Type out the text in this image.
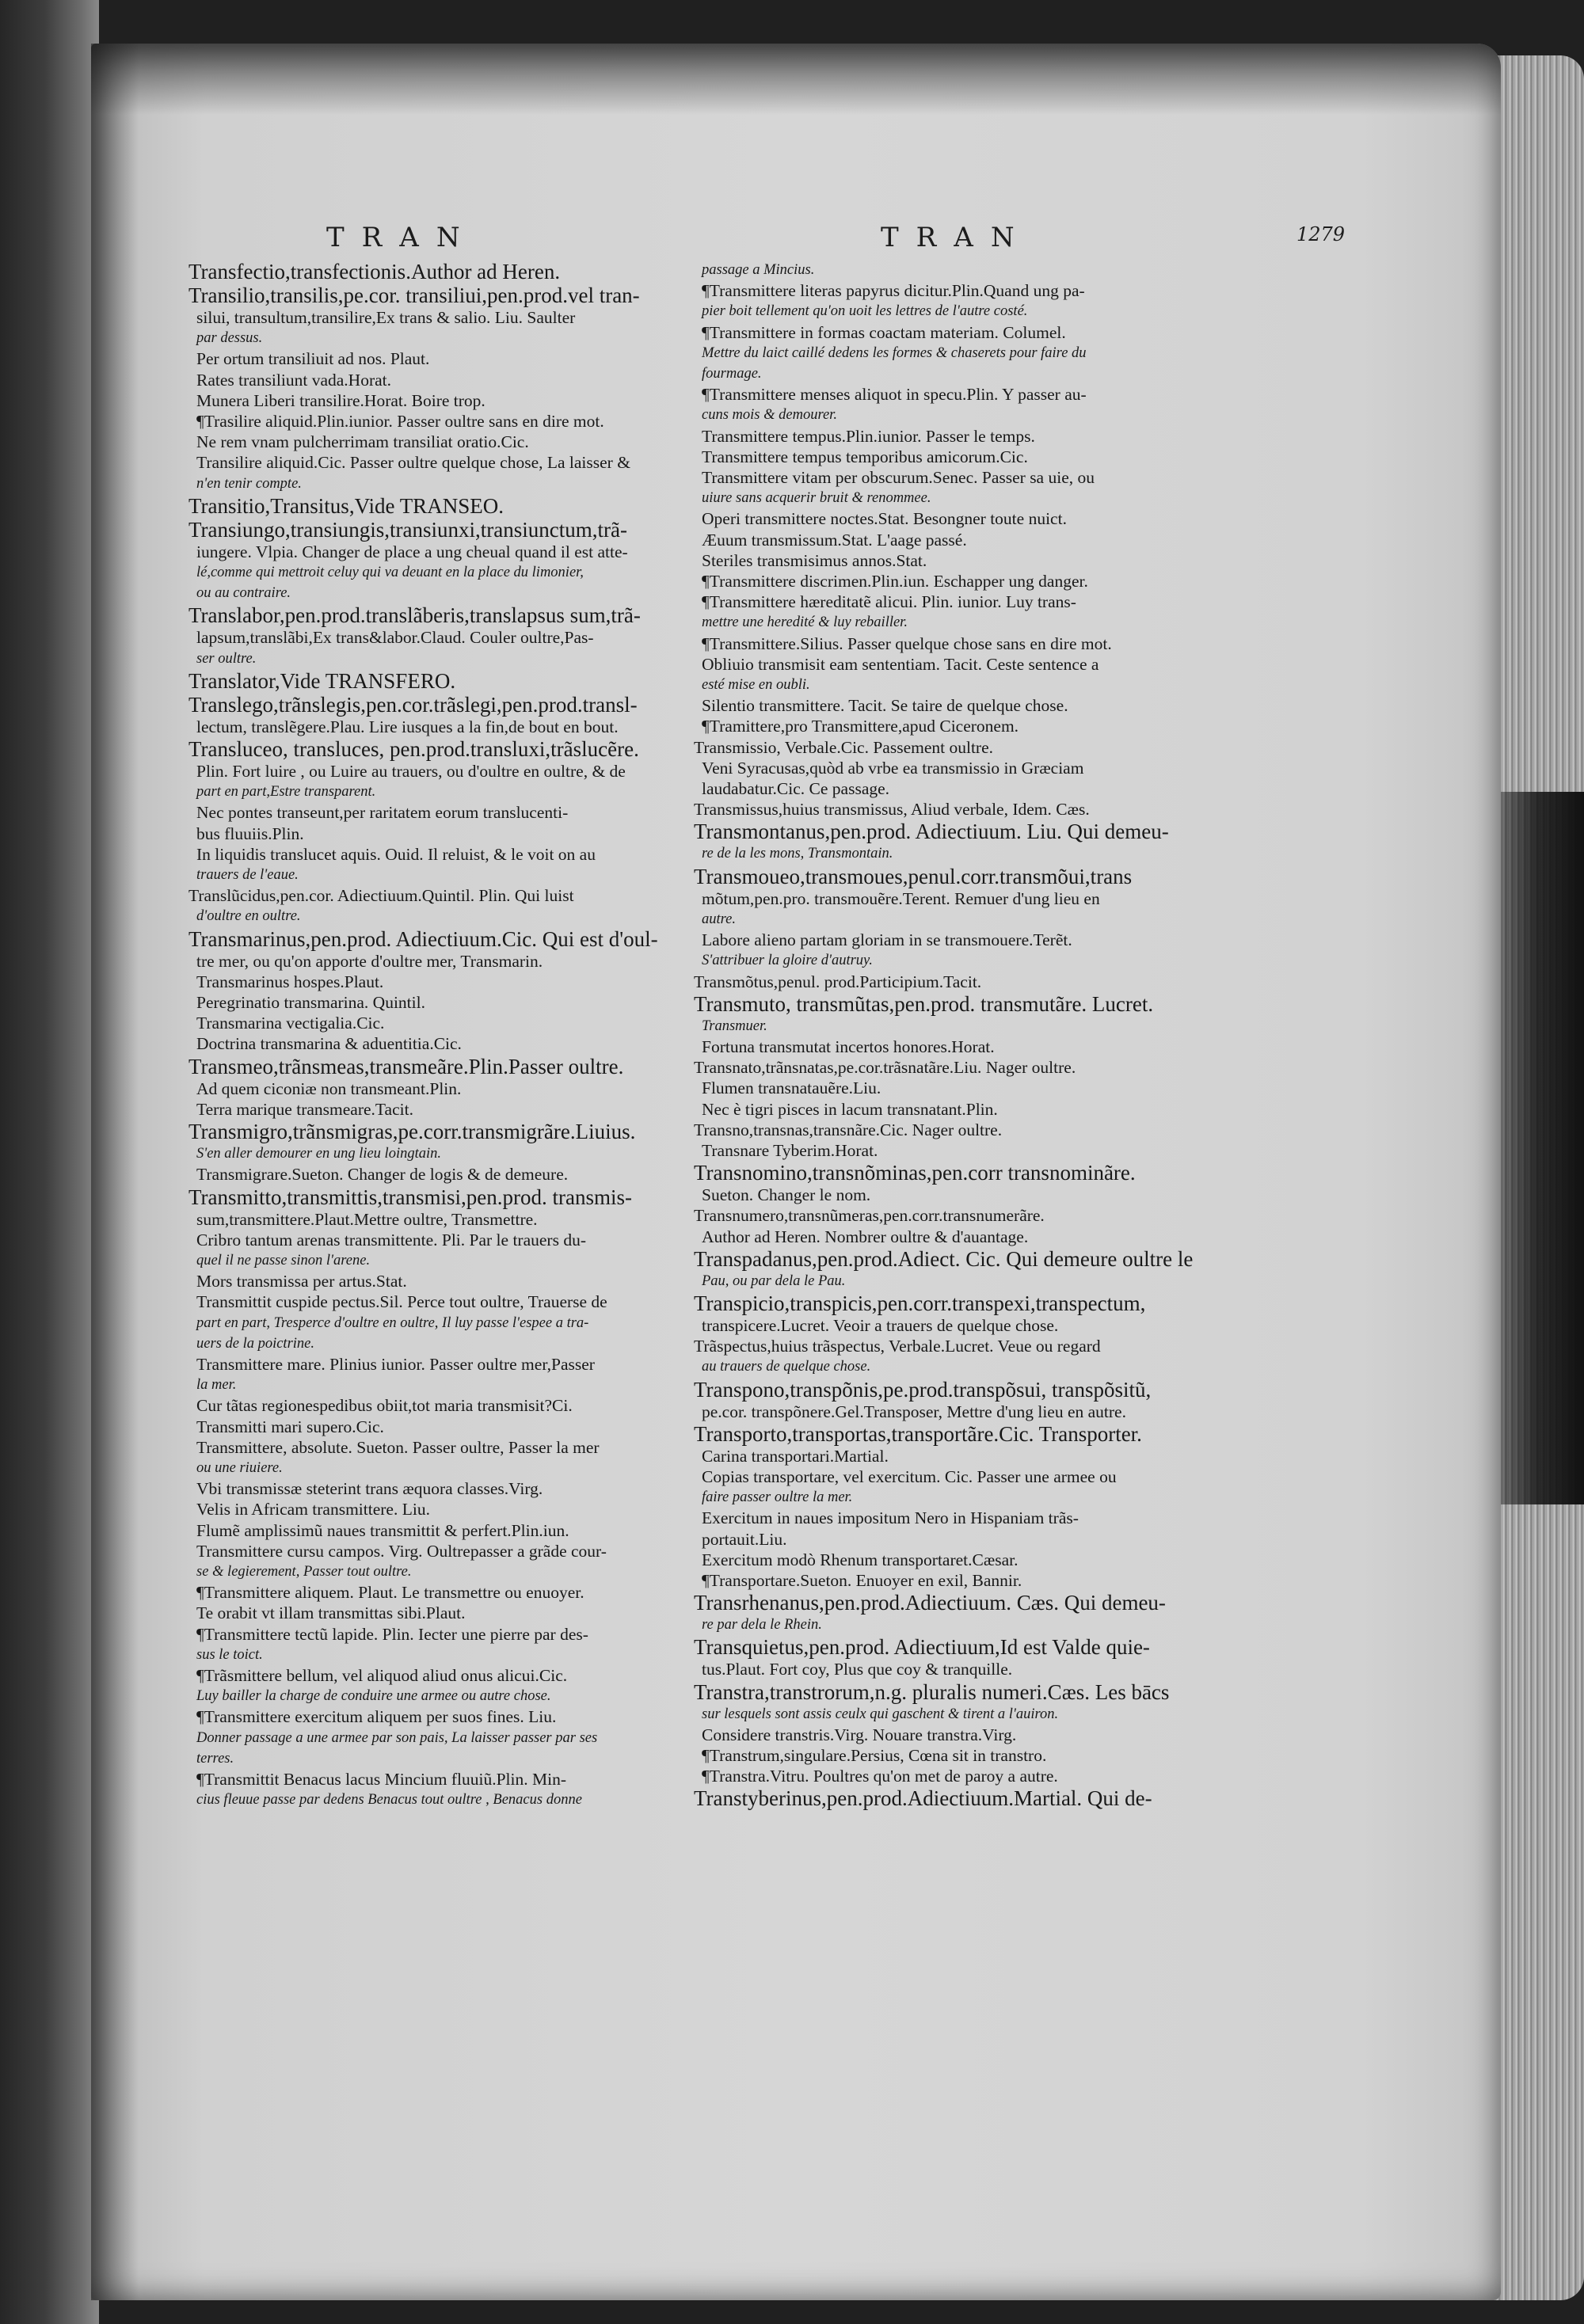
TRAN	TRAN	1279

Transfectio,transfectionis.Author ad Heren.

Transilio,transilis,pe.cor. transiliui,pen.prod.vel tran-

silui, transultum,transilire,Ex trans & salio. Liu. Saulter

par dessus.

Per ortum transiliuit ad nos. Plaut.

Rates transiliunt vada.Horat.

Munera Liberi transilire.Horat. Boire trop.

¶Trasilire aliquid.Plin.iunior. Passer oultre sans en dire mot.

Ne rem vnam pulcherrimam transiliat oratio.Cic.

Transilire aliquid.Cic. Passer oultre quelque chose, La laisser &

n'en tenir compte.

Transitio,Transitus,Vide TRANSEO.

Transiungo,transiungis,transiunxi,transiunctum,trã-

iungere. Vlpia. Changer de place a ung cheual quand il est atte-

lé,comme qui mettroit celuy qui va deuant en la place du limonier,

ou au contraire.

Translabor,pen.prod.translãberis,translapsus sum,trã-

lapsum,translãbi,Ex trans&labor.Claud. Couler oultre,Pas-

ser oultre.

Translator,Vide TRANSFERO.

Translego,trãnslegis,pen.cor.trãslegi,pen.prod.transl-

lectum, translẽgere.Plau. Lire iusques a la fin,de bout en bout.

Transluceo, transluces, pen.prod.transluxi,trãslucẽre.

Plin. Fort luire , ou Luire au trauers, ou d'oultre en oultre, & de

part en part,Estre transparent.

Nec pontes transeunt,per raritatem eorum translucenti-

bus fluuiis.Plin.

In liquidis translucet aquis. Ouid. Il reluist, & le voit on au

trauers de l'eaue.

Translũcidus,pen.cor. Adiectiuum.Quintil. Plin. Qui luist

d'oultre en oultre.

Transmarinus,pen.prod. Adiectiuum.Cic. Qui est d'oul-

tre mer, ou qu'on apporte d'oultre mer, Transmarin.

Transmarinus hospes.Plaut.

Peregrinatio transmarina. Quintil.

Transmarina vectigalia.Cic.

Doctrina transmarina & aduentitia.Cic.

Transmeo,trãnsmeas,transmeãre.Plin.Passer oultre.

Ad quem ciconiæ non transmeant.Plin.

Terra marique transmeare.Tacit.

Transmigro,trãnsmigras,pe.corr.transmigrãre.Liuius.

S'en aller demourer en ung lieu loingtain.

Transmigrare.Sueton. Changer de logis & de demeure.

Transmitto,transmittis,transmisi,pen.prod. transmis-

sum,transmittere.Plaut.Mettre oultre, Transmettre.

Cribro tantum arenas transmittente. Pli. Par le trauers du-

quel il ne passe sinon l'arene.

Mors transmissa per artus.Stat.

Transmittit cuspide pectus.Sil. Perce tout oultre, Trauerse de

part en part, Trespercе d'oultre en oultre, Il luy passe l'espee a tra-

uers de la poictrine.

Transmittere mare. Plinius iunior. Passer oultre mer,Passer

la mer.

Cur tãtas regionespedibus obiit,tot maria transmisit?Ci.

Transmitti mari supero.Cic.

Transmittere, absolute. Sueton. Passer oultre, Passer la mer

ou une riuiere.

Vbi transmissæ steterint trans æquora classes.Virg.

Velis in Africam transmittere. Liu.

Flumẽ amplissimũ naues transmittit & perfert.Plin.iun.

Transmittere cursu campos. Virg. Oultrepasser a grãde cour-

se & legierement, Passer tout oultre.

¶Transmittere aliquem. Plaut. Le transmettre ou enuoyer.

Te orabit vt illam transmittas sibi.Plaut.

¶Transmittere tectũ lapide. Plin. Iecter une pierre par des-

sus le toict.

¶Trãsmittere bellum, vel aliquod aliud onus alicui.Cic.

Luy bailler la charge de conduire une armee ou autre chose.

¶Transmittere exercitum aliquem per suos fines. Liu.

Donner passage a une armee par son pais, La laisser passer par ses

terres.

¶Transmittit Benacus lacus Mincium fluuiũ.Plin. Min-

cius fleuue passe par dedens Benacus tout oultre , Benacus donne

passage a Mincius.

¶Transmittere literas papyrus dicitur.Plin.Quand ung pa-

pier boit tellement qu'on uoit les lettres de l'autre costé.

¶Transmittere in formas coactam materiam. Columel.

Mettre du laict caillé dedens les formes & chaserets pour faire du

fourmage.

¶Transmittere menses aliquot in specu.Plin. Y passer au-

cuns mois & demourer.

Transmittere tempus.Plin.iunior. Passer le temps.

Transmittere tempus temporibus amicorum.Cic.

Transmittere vitam per obscurum.Senec. Passer sa uie, ou

uiure sans acquerir bruit & renommee.

Operi transmittere noctes.Stat. Besongner toute nuict.

Æuum transmissum.Stat. L'aage passé.

Steriles transmisimus annos.Stat.

¶Transmittere discrimen.Plin.iun. Eschapper ung danger.

¶Transmittere hæreditatẽ alicui. Plin. iunior. Luy trans-

mettre une heredité & luy rebailler.

¶Transmittere.Silius. Passer quelque chose sans en dire mot.

Obliuio transmisit eam sententiam. Tacit. Ceste sentence a

esté mise en oubli.

Silentio transmittere. Tacit. Se taire de quelque chose.

¶Tramittere,pro Transmittere,apud Ciceronem.

Transmissio, Verbale.Cic. Passement oultre.

Veni Syracusas,quòd ab vrbe ea transmissio in Græciam

laudabatur.Cic. Ce passage.

Transmissus,huius transmissus, Aliud verbale, Idem. Cæs.

Transmontanus,pen.prod. Adiectiuum. Liu. Qui demeu-

re de la les mons, Transmontain.

Transmoueo,transmoues,penul.corr.transmõui,trans

mõtum,pen.pro. transmouẽre.Terent. Remuer d'ung lieu en

autre.

Labore alieno partam gloriam in se transmouere.Terẽt.

S'attribuer la gloire d'autruy.

Transmõtus,penul. prod.Participium.Tacit.

Transmuto, transmũtas,pen.prod. transmutãre. Lucret.

Transmuer.

Fortuna transmutat incertos honores.Horat.

Transnato,trãnsnatas,pe.cor.trãsnatãre.Liu. Nager oultre.

Flumen transnatauẽre.Liu.

Nec è tigri pisces in lacum transnatant.Plin.

Transno,transnas,transnãre.Cic. Nager oultre.

Transnare Tyberim.Horat.

Transnomino,transnõminas,pen.corr transnominãre.

Sueton. Changer le nom.

Transnumero,transnũmeras,pen.corr.transnumerãre.

Author ad Heren. Nombrer oultre & d'auantage.

Transpadanus,pen.prod.Adiect. Cic. Qui demeure oultre le

Pau, ou par dela le Pau.

Transpicio,transpicis,pen.corr.transpexi,transpectum,

transpicere.Lucret. Veoir a trauers de quelque chose.

Trãspectus,huius trãspectus, Verbale.Lucret. Veue ou regard

au trauers de quelque chose.

Transpono,transpõnis,pe.prod.transpõsui, transpõsitũ,

pe.cor. transpõnere.Gel.Transposer, Mettre d'ung lieu en autre.

Transporto,transportas,transportãre.Cic. Transporter.

Carina transportari.Martial.

Copias transportare, vel exercitum. Cic. Passer une armee ou

faire passer oultre la mer.

Exercitum in naues impositum Nero in Hispaniam trãs-

portauit.Liu.

Exercitum modò Rhenum transportaret.Cæsar.

¶Transportare.Sueton. Enuoyer en exil, Bannir.

Transrhenanus,pen.prod.Adiectiuum. Cæs. Qui demeu-

re par dela le Rhein.

Transquietus,pen.prod. Adiectiuum,Id est Valde quie-

tus.Plaut. Fort coy, Plus que coy & tranquille.

Transtra,transtrorum,n.g. pluralis numeri.Cæs. Les bācs

sur lesquels sont assis ceulx qui gaschent & tirent a l'auiron.

Considere transtris.Virg. Nouare transtra.Virg.

¶Transtrum,singulare.Persius, Cœna sit in transtro.

¶Transtra.Vitru. Poultres qu'on met de paroy a autre.

Transtyberinus,pen.prod.Adiectiuum.Martial. Qui de-
